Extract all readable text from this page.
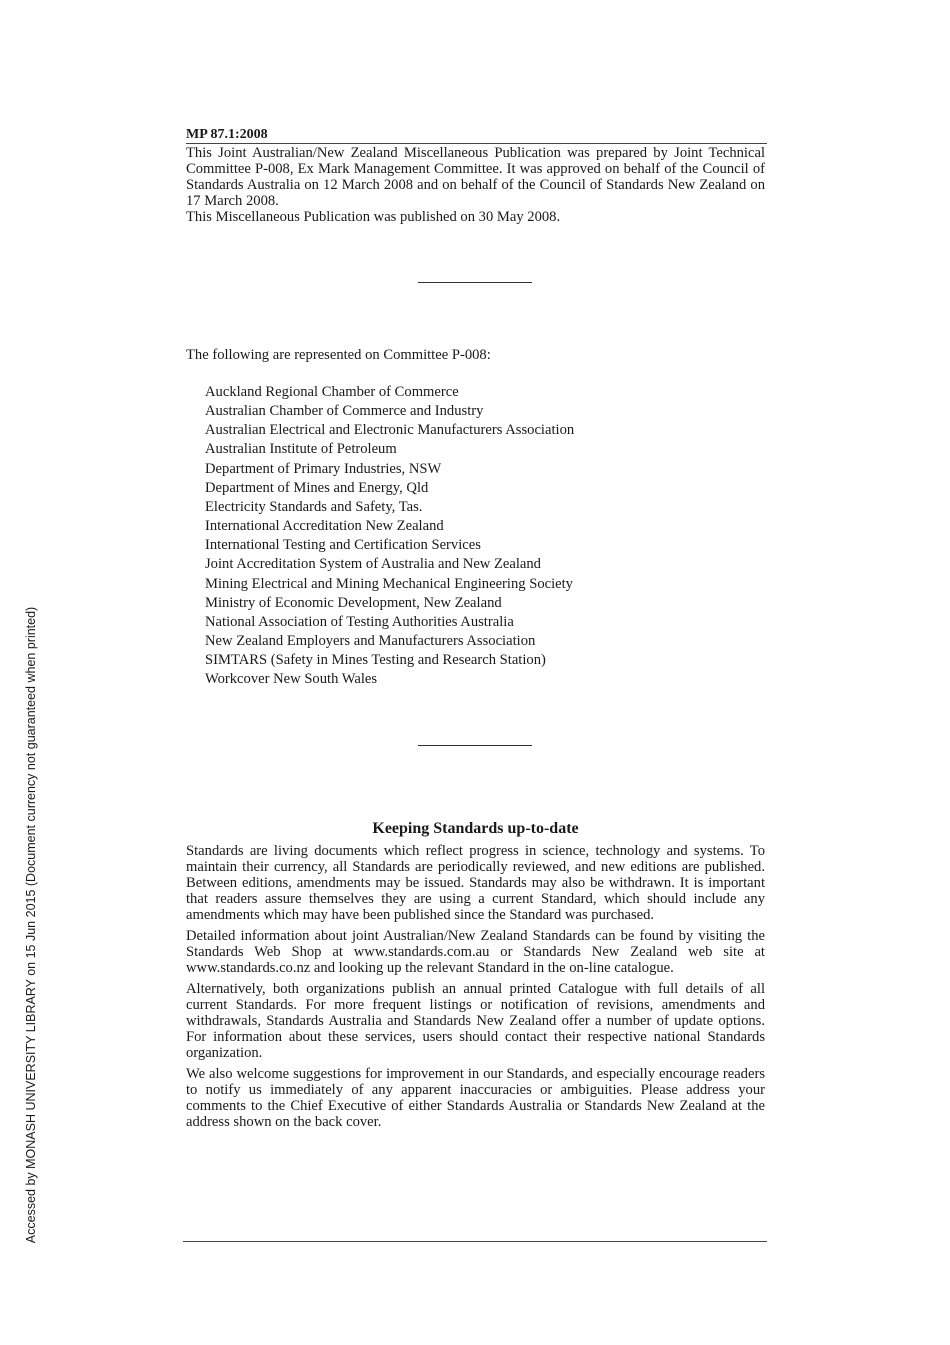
Accessed by MONASH UNIVERSITY LIBRARY on 15 Jun 2015 (Document currency not guaranteed when printed)
MP 87.1:2008

This Joint Australian/New Zealand Miscellaneous Publication was prepared by Joint Technical Committee P-008, Ex Mark Management Committee. It was approved on behalf of the Council of Standards Australia on 12 March 2008 and on behalf of the Council of Standards New Zealand on 17 March 2008.

This Miscellaneous Publication was published on 30 May 2008.

The following are represented on Committee P-008:
Auckland Regional Chamber of Commerce
Australian Chamber of Commerce and Industry
Australian Electrical and Electronic Manufacturers Association
Australian Institute of Petroleum
Department of Primary Industries, NSW
Department of Mines and Energy, Qld
Electricity Standards and Safety, Tas.
International Accreditation New Zealand
International Testing and Certification Services
Joint Accreditation System of Australia and New Zealand
Mining Electrical and Mining Mechanical Engineering Society
Ministry of Economic Development, New Zealand
National Association of Testing Authorities Australia
New Zealand Employers and Manufacturers Association
SIMTARS (Safety in Mines Testing and Research Station)
Workcover New South Wales
Keeping Standards up-to-date

Standards are living documents which reflect progress in science, technology and systems. To maintain their currency, all Standards are periodically reviewed, and new editions are published. Between editions, amendments may be issued. Standards may also be withdrawn. It is important that readers assure themselves they are using a current Standard, which should include any amendments which may have been published since the Standard was purchased.

Detailed information about joint Australian/New Zealand Standards can be found by visiting the Standards Web Shop at www.standards.com.au or Standards New Zealand web site at www.standards.co.nz and looking up the relevant Standard in the on-line catalogue.

Alternatively, both organizations publish an annual printed Catalogue with full details of all current Standards. For more frequent listings or notification of revisions, amendments and withdrawals, Standards Australia and Standards New Zealand offer a number of update options. For information about these services, users should contact their respective national Standards organization.

We also welcome suggestions for improvement in our Standards, and especially encourage readers to notify us immediately of any apparent inaccuracies or ambiguities. Please address your comments to the Chief Executive of either Standards Australia or Standards New Zealand at the address shown on the back cover.
